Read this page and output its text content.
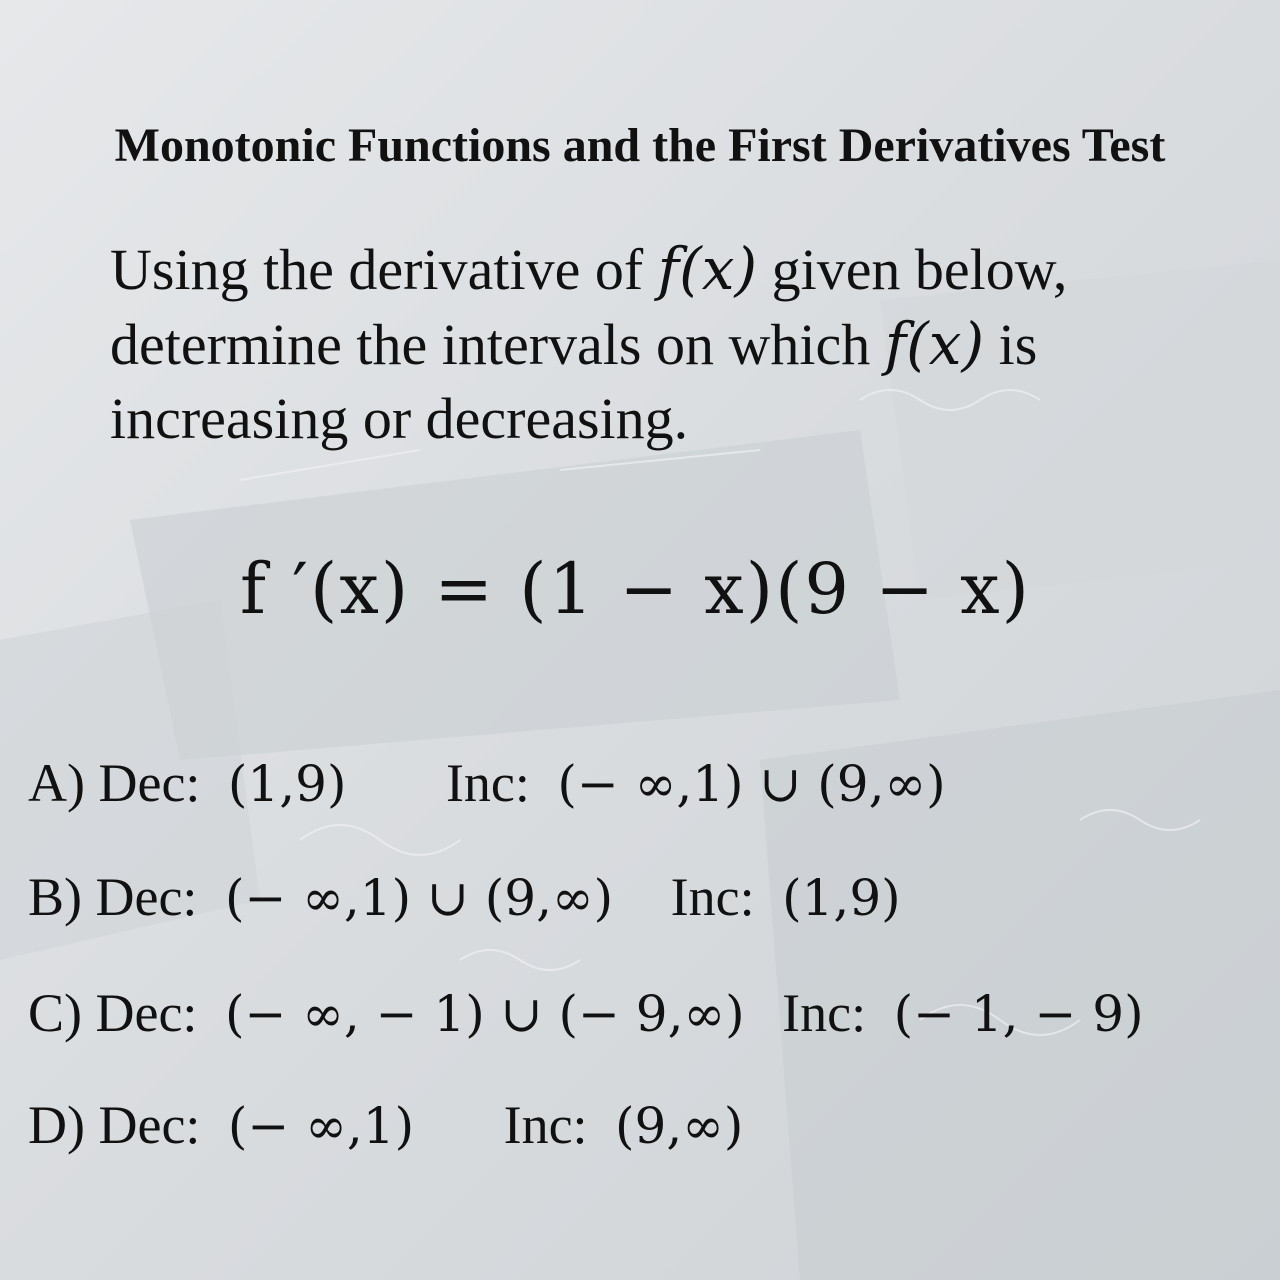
Monotonic Functions and the First Derivatives Test
Using the derivative of f(x) given below,
determine the intervals on which f(x) is
increasing or decreasing.
f ′(x) = (1 − x)(9 − x)
A) Dec: (1,9) Inc: (− ∞,1) ∪ (9,∞)
B) Dec: (− ∞,1) ∪ (9,∞) Inc: (1,9)
C) Dec: (− ∞, − 1) ∪ (− 9,∞) Inc: (− 1, − 9)
D) Dec: (− ∞,1) Inc: (9,∞)
